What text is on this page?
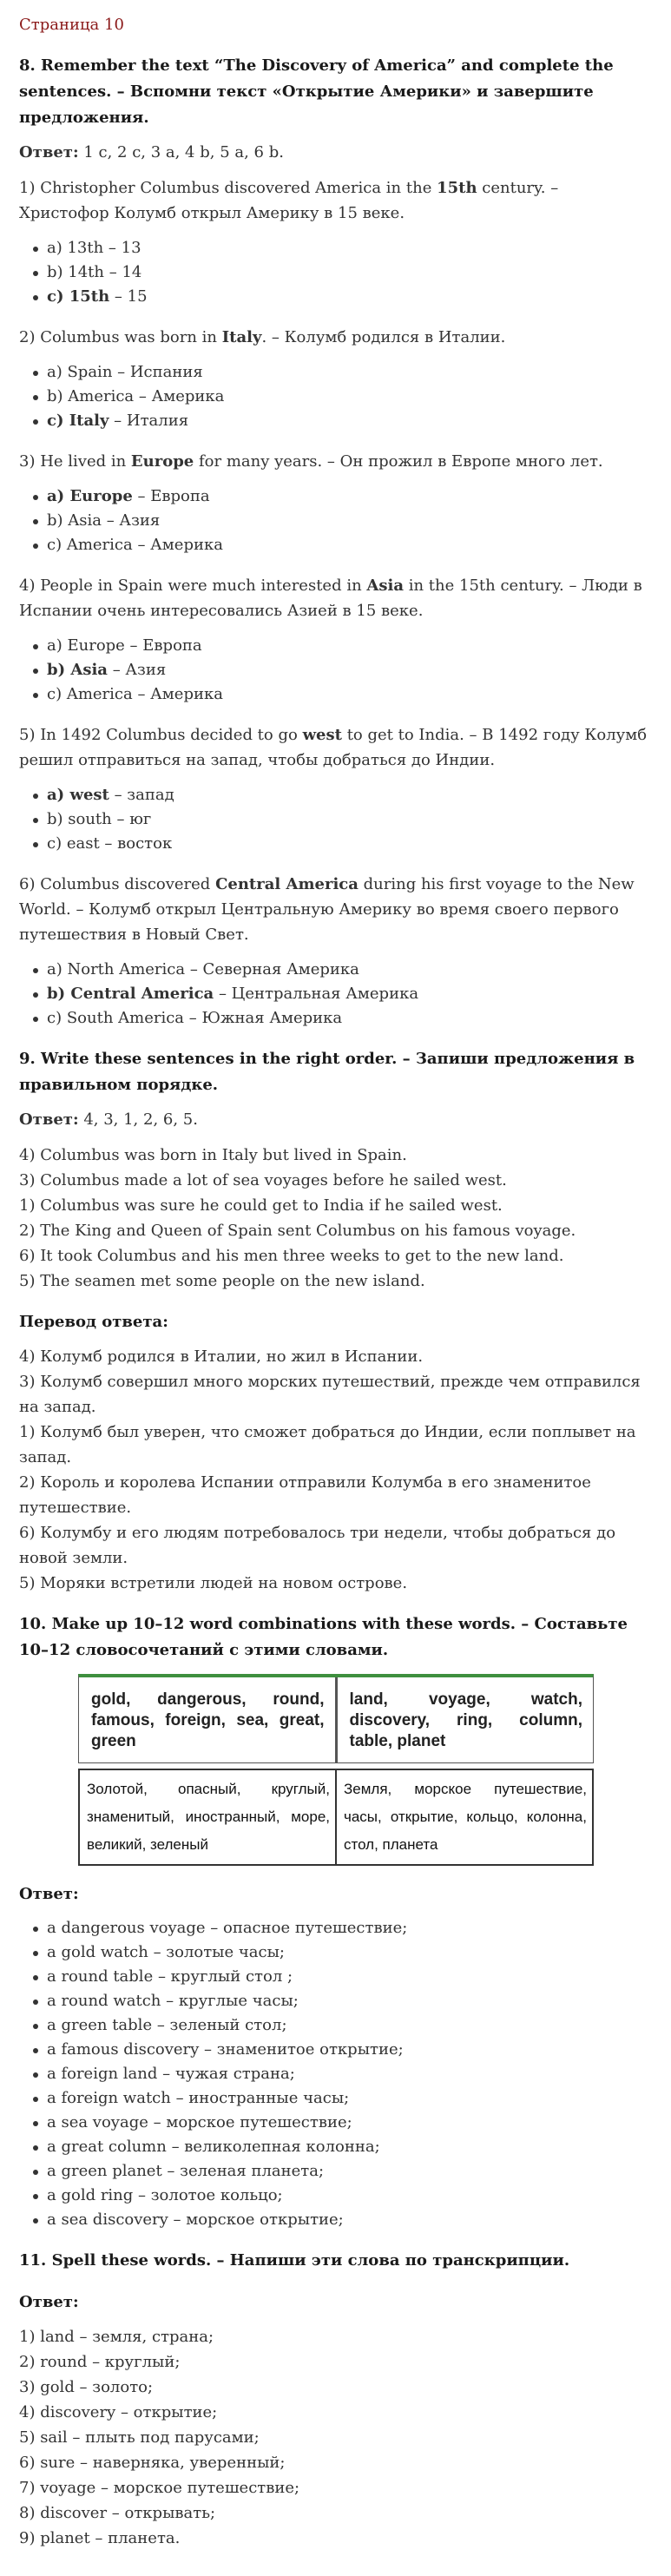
Страница 10
8. Remember the text “The Discovery of America” and complete the sentences. – Вспомни текст «Открытие Америки» и завершите предложения.

Ответ: 1 c, 2 c, 3 a, 4 b, 5 a, 6 b.

1) Christopher Columbus discovered America in the 15th century. – Христофор Колумб открыл Америку в 15 веке.

a) 13th – 13
b) 14th – 14
c) 15th – 15

2) Columbus was born in Italy. – Колумб родился в Италии.

a) Spain – Испания
b) America – Америка
c) Italy – Италия

3) He lived in Europe for many years. – Он прожил в Европе много лет.

a) Europe – Европа
b) Asia – Азия
c) America – Америка

4) People in Spain were much interested in Asia in the 15th century. – Люди в Испании очень интересовались Азией в 15 веке.

a) Europe – Европа
b) Asia – Азия
c) America – Америка

5) In 1492 Columbus decided to go west to get to India. – В 1492 году Колумб решил отправиться на запад, чтобы добраться до Индии.

a) west – запад
b) south – юг
c) east – восток

6) Columbus discovered Central America during his first voyage to the New World. – Колумб открыл Центральную Америку во время своего первого путешествия в Новый Свет.

a) North America – Северная Америка
b) Central America – Центральная Америка
c) South America – Южная Америка
9. Write these sentences in the right order. – Запиши предложения в правильном порядке.

Ответ: 4, 3, 1, 2, 6, 5.

4) Columbus was born in Italy but lived in Spain.

3) Columbus made a lot of sea voyages before he sailed west.

1) Columbus was sure he could get to India if he sailed west.

2) The King and Queen of Spain sent Columbus on his famous voyage.

6) It took Columbus and his men three weeks to get to the new land.

5) The seamen met some people on the new island.

Перевод ответа:

4) Колумб родился в Италии, но жил в Испании.

3) Колумб совершил много морских путешествий, прежде чем отправился на запад.

1) Колумб был уверен, что сможет добраться до Индии, если поплывет на запад.

2) Король и королева Испании отправили Колумба в его знаменитое путешествие.

6) Колумбу и его людям потребовалось три недели, чтобы добраться до новой земли.

5) Моряки встретили людей на новом острове.

10. Make up 10–12 word combinations with these words. – Составьте 10–12 словосочетаний с этими словами.
gold, dangerous, round, famous, foreign, sea, great, green
land, voyage, watch, discovery, ring, column, table, planet
Золотой, опасный, круглый, знаменитый, иностранный, море, великий, зеленый
Земля, морское путешествие, часы, открытие, кольцо, колонна, стол, планета
Ответ:
a dangerous voyage – опасное путешествие;
a gold watch – золотые часы;
a round table – круглый стол ;
a round watch – круглые часы;
a green table – зеленый стол;
a famous discovery – знаменитое открытие;
a foreign land – чужая страна;
a foreign watch – иностранные часы;
a sea voyage – морское путешествие;
a great column – великолепная колонна;
a green planet – зеленая планета;
a gold ring – золотое кольцо;
a sea discovery – морское открытие;
11. Spell these words. – Напиши эти слова по транскрипции.
Ответ:

1) land – земля, страна;

2) round – круглый;

3) gold – золото;

4) discovery – открытие;

5) sail – плыть под парусами;

6) sure – наверняка, уверенный;

7) voyage – морское путешествие;

8) discover – открывать;

9) planet – планета.
